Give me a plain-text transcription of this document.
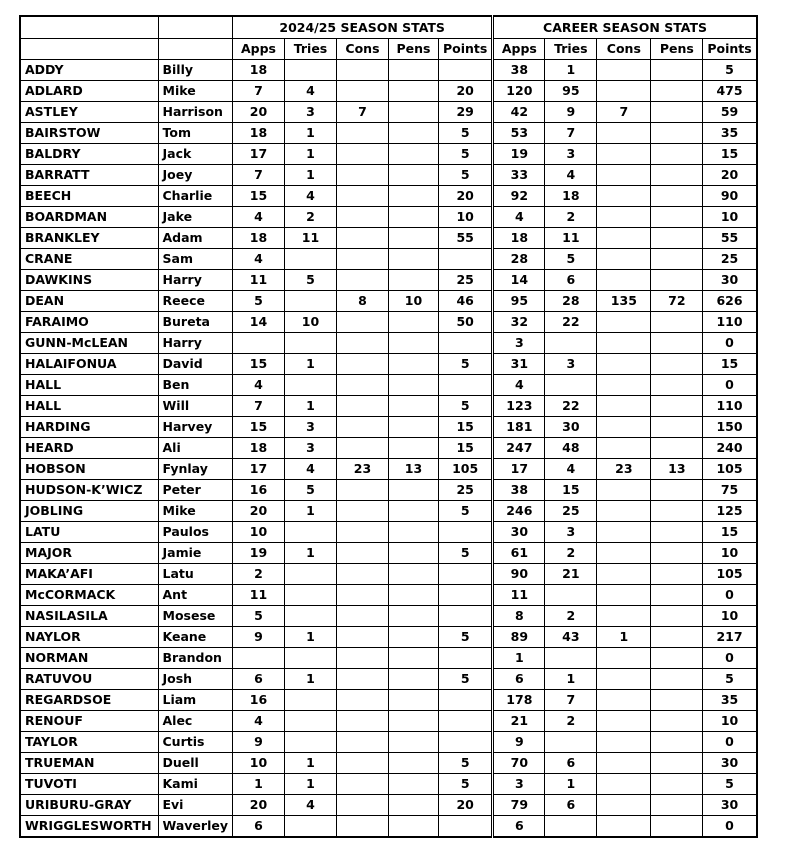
		2024/25 SEASON STATS					CAREER SEASON STATS				
		Apps	Tries	Cons	Pens	Points	Apps	Tries	Cons	Pens	Points
ADDY	Billy	18					38	1			5
ADLARD	Mike	7	4			20	120	95			475
ASTLEY	Harrison	20	3	7		29	42	9	7		59
BAIRSTOW	Tom	18	1			5	53	7			35
BALDRY	Jack	17	1			5	19	3			15
BARRATT	Joey	7	1			5	33	4			20
BEECH	Charlie	15	4			20	92	18			90
BOARDMAN	Jake	4	2			10	4	2			10
BRANKLEY	Adam	18	11			55	18	11			55
CRANE	Sam	4					28	5			25
DAWKINS	Harry	11	5			25	14	6			30
DEAN	Reece	5		8	10	46	95	28	135	72	626
FARAIMO	Bureta	14	10			50	32	22			110
GUNN-McLEAN	Harry						3				0
HALAIFONUA	David	15	1			5	31	3			15
HALL	Ben	4					4				0
HALL	Will	7	1			5	123	22			110
HARDING	Harvey	15	3			15	181	30			150
HEARD	Ali	18	3			15	247	48			240
HOBSON	Fynlay	17	4	23	13	105	17	4	23	13	105
HUDSON-K’WICZ	Peter	16	5			25	38	15			75
JOBLING	Mike	20	1			5	246	25			125
LATU	Paulos	10					30	3			15
MAJOR	Jamie	19	1			5	61	2			10
MAKA’AFI	Latu	2					90	21			105
McCORMACK	Ant	11					11				0
NASILASILA	Mosese	5					8	2			10
NAYLOR	Keane	9	1			5	89	43	1		217
NORMAN	Brandon						1				0
RATUVOU	Josh	6	1			5	6	1			5
REGARDSOE	Liam	16					178	7			35
RENOUF	Alec	4					21	2			10
TAYLOR	Curtis	9					9				0
TRUEMAN	Duell	10	1			5	70	6			30
TUVOTI	Kami	1	1			5	3	1			5
URIBURU-GRAY	Evi	20	4			20	79	6			30
WRIGGLESWORTH	Waverley	6					6				0
